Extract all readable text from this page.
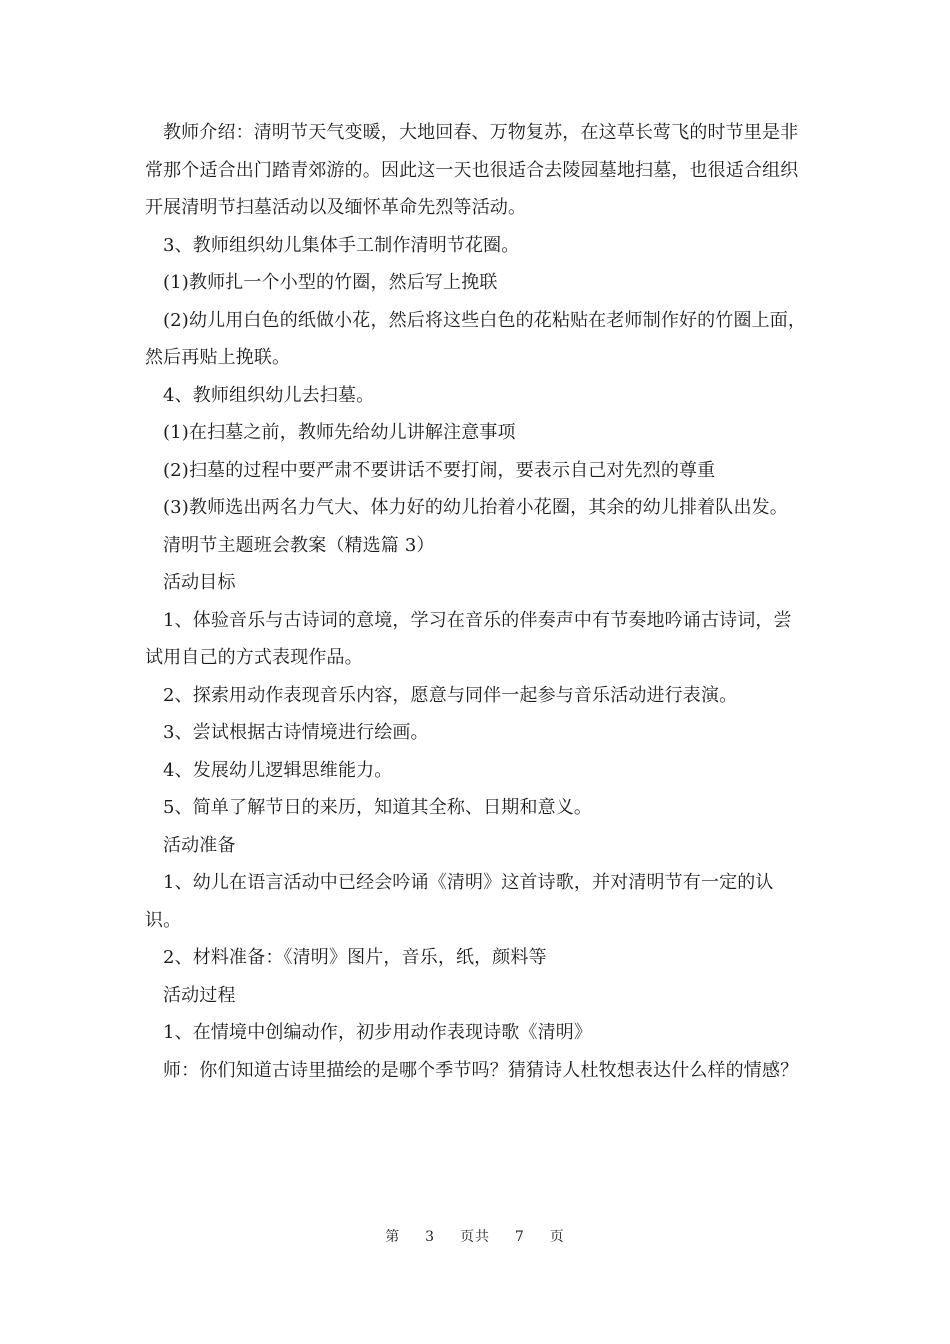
教师介绍：清明节天气变暖，大地回春、万物复苏，在这草长莺飞的时节里是非常那个适合出门踏青郊游的。因此这一天也很适合去陵园墓地扫墓，也很适合组织开展清明节扫墓活动以及缅怀革命先烈等活动。

3、教师组织幼儿集体手工制作清明节花圈。

(1)教师扎一个小型的竹圈，然后写上挽联

(2)幼儿用白色的纸做小花，然后将这些白色的花粘贴在老师制作好的竹圈上面，然后再贴上挽联。

4、教师组织幼儿去扫墓。

(1)在扫墓之前，教师先给幼儿讲解注意事项

(2)扫墓的过程中要严肃不要讲话不要打闹，要表示自己对先烈的尊重

(3)教师选出两名力气大、体力好的幼儿抬着小花圈，其余的幼儿排着队出发。

清明节主题班会教案（精选篇 3）

活动目标

1、体验音乐与古诗词的意境，学习在音乐的伴奏声中有节奏地吟诵古诗词，尝试用自己的方式表现作品。

2、探索用动作表现音乐内容，愿意与同伴一起参与音乐活动进行表演。

3、尝试根据古诗情境进行绘画。

4、发展幼儿逻辑思维能力。

5、简单了解节日的来历，知道其全称、日期和意义。

活动准备

1、幼儿在语言活动中已经会吟诵《清明》这首诗歌，并对清明节有一定的认识。

2、材料准备：《清明》图片，音乐，纸，颜料等

活动过程

1、在情境中创编动作，初步用动作表现诗歌《清明》

师：你们知道古诗里描绘的是哪个季节吗？猜猜诗人杜牧想表达什么样的情感？

第 3 页共 7 页
